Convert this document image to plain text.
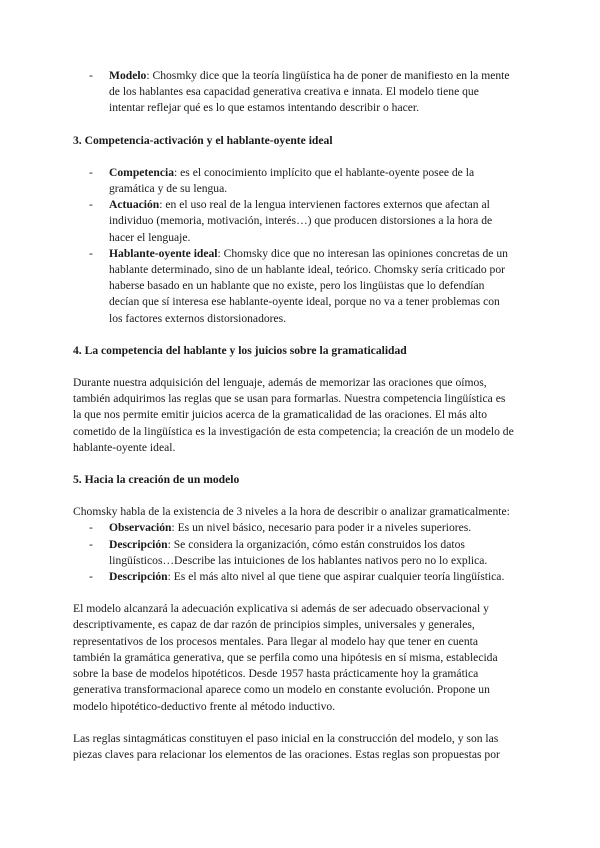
- Modelo: Chosmky dice que la teoría lingüística ha de poner de manifiesto en la mente de los hablantes esa capacidad generativa creativa e innata. El modelo tiene que intentar reflejar qué es lo que estamos intentando describir o hacer.
3. Competencia-activación y el hablante-oyente ideal
- Competencia: es el conocimiento implícito que el hablante-oyente posee de la gramática y de su lengua.
- Actuación: en el uso real de la lengua intervienen factores externos que afectan al individuo (memoria, motivación, interés…) que producen distorsiones a la hora de hacer el lenguaje.
- Hablante-oyente ideal: Chomsky dice que no interesan las opiniones concretas de un hablante determinado, sino de un hablante ideal, teórico. Chomsky sería criticado por haberse basado en un hablante que no existe, pero los lingüistas que lo defendían decían que sí interesa ese hablante-oyente ideal, porque no va a tener problemas con los factores externos distorsionadores.
4. La competencia del hablante y los juicios sobre la gramaticalidad

Durante nuestra adquisición del lenguaje, además de memorizar las oraciones que oímos, también adquirimos las reglas que se usan para formarlas. Nuestra competencia lingüística es la que nos permite emitir juicios acerca de la gramaticalidad de las oraciones. El más alto cometido de la lingüística es la investigación de esta competencia; la creación de un modelo de hablante-oyente ideal.

5. Hacia la creación de un modelo

Chomsky habla de la existencia de 3 niveles a la hora de describir o analizar gramaticalmente:

- Observación: Es un nivel básico, necesario para poder ir a niveles superiores.
- Descripción: Se considera la organización, cómo están construidos los datos lingüísticos…Describe las intuiciones de los hablantes nativos pero no lo explica.
- Descripción: Es el más alto nivel al que tiene que aspirar cualquier teoría lingüística.

El modelo alcanzará la adecuación explicativa si además de ser adecuado observacional y descriptivamente, es capaz de dar razón de principios simples, universales y generales, representativos de los procesos mentales. Para llegar al modelo hay que tener en cuenta también la gramática generativa, que se perfila como una hipótesis en sí misma, establecida sobre la base de modelos hipotéticos. Desde 1957 hasta prácticamente hoy la gramática generativa transformacional aparece como un modelo en constante evolución. Propone un modelo hipotético-deductivo frente al método inductivo.

Las reglas sintagmáticas constituyen el paso inicial en la construcción del modelo, y son las piezas claves para relacionar los elementos de las oraciones. Estas reglas son propuestas por
